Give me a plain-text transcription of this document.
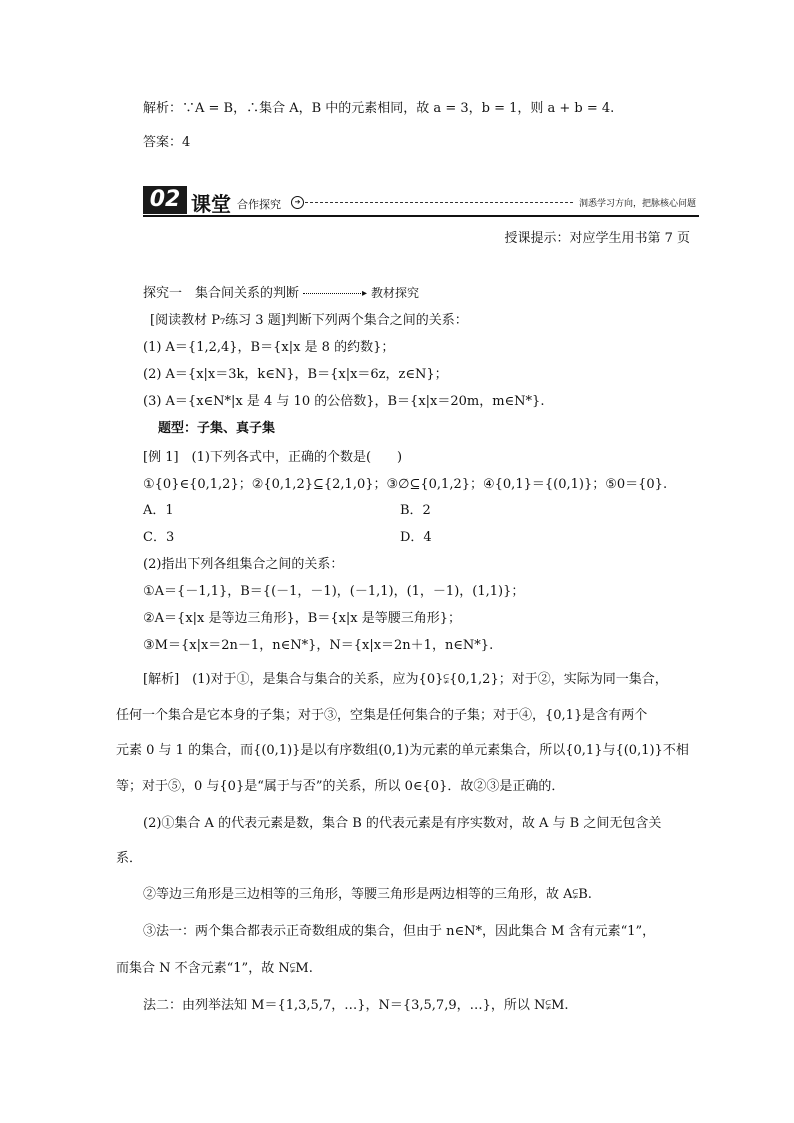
解析：∵A = B，∴集合 A，B 中的元素相同，故 a = 3，b = 1，则 a + b = 4.
答案：4
02 课堂 合作探究	➔	洞悉学习方向，把脉核心问题
授课提示：对应学生用书第 7 页
探究一　集合间关系的判断▸	教材探究
[阅读教材 P₇练习 3 题]判断下列两个集合之间的关系：
(1) A＝{1,2,4}，B＝{x|x 是 8 的约数}；
(2) A＝{x|x＝3k，k∈N}，B＝{x|x＝6z，z∈N}；
(3) A＝{x∈N*|x 是 4 与 10 的公倍数}，B＝{x|x＝20m，m∈N*}.
题型：子集、真子集
[例 1]　(1)下列各式中，正确的个数是(　　)
①{0}∈{0,1,2}；②{0,1,2}⊆{2,1,0}；③∅⊆{0,1,2}；④{0,1}＝{(0,1)}；⑤0＝{0}.
A．1	B．2
C．3	D．4
(2)指出下列各组集合之间的关系：
①A＝{－1,1}，B＝{(－1，－1)，(－1,1)，(1，－1)，(1,1)}；
②A＝{x|x 是等边三角形}，B＝{x|x 是等腰三角形}；
③M＝{x|x＝2n－1，n∈N*}，N＝{x|x＝2n＋1，n∈N*}.
[解析]　(1)对于①，是集合与集合的关系，应为{0}⫋{0,1,2}；对于②，实际为同一集合，
任何一个集合是它本身的子集；对于③，空集是任何集合的子集；对于④，{0,1}是含有两个
元素 0 与 1 的集合，而{(0,1)}是以有序数组(0,1)为元素的单元素集合，所以{0,1}与{(0,1)}不相
等；对于⑤，0 与{0}是“属于与否”的关系，所以 0∈{0}．故②③是正确的．
(2)①集合 A 的代表元素是数，集合 B 的代表元素是有序实数对，故 A 与 B 之间无包含关
系．
②等边三角形是三边相等的三角形，等腰三角形是两边相等的三角形，故 A⫋B.
③法一：两个集合都表示正奇数组成的集合，但由于 n∈N*，因此集合 M 含有元素“1”，
而集合 N 不含元素“1”，故 N⫋M.
法二：由列举法知 M＝{1,3,5,7，…}，N＝{3,5,7,9，…}，所以 N⫋M.
